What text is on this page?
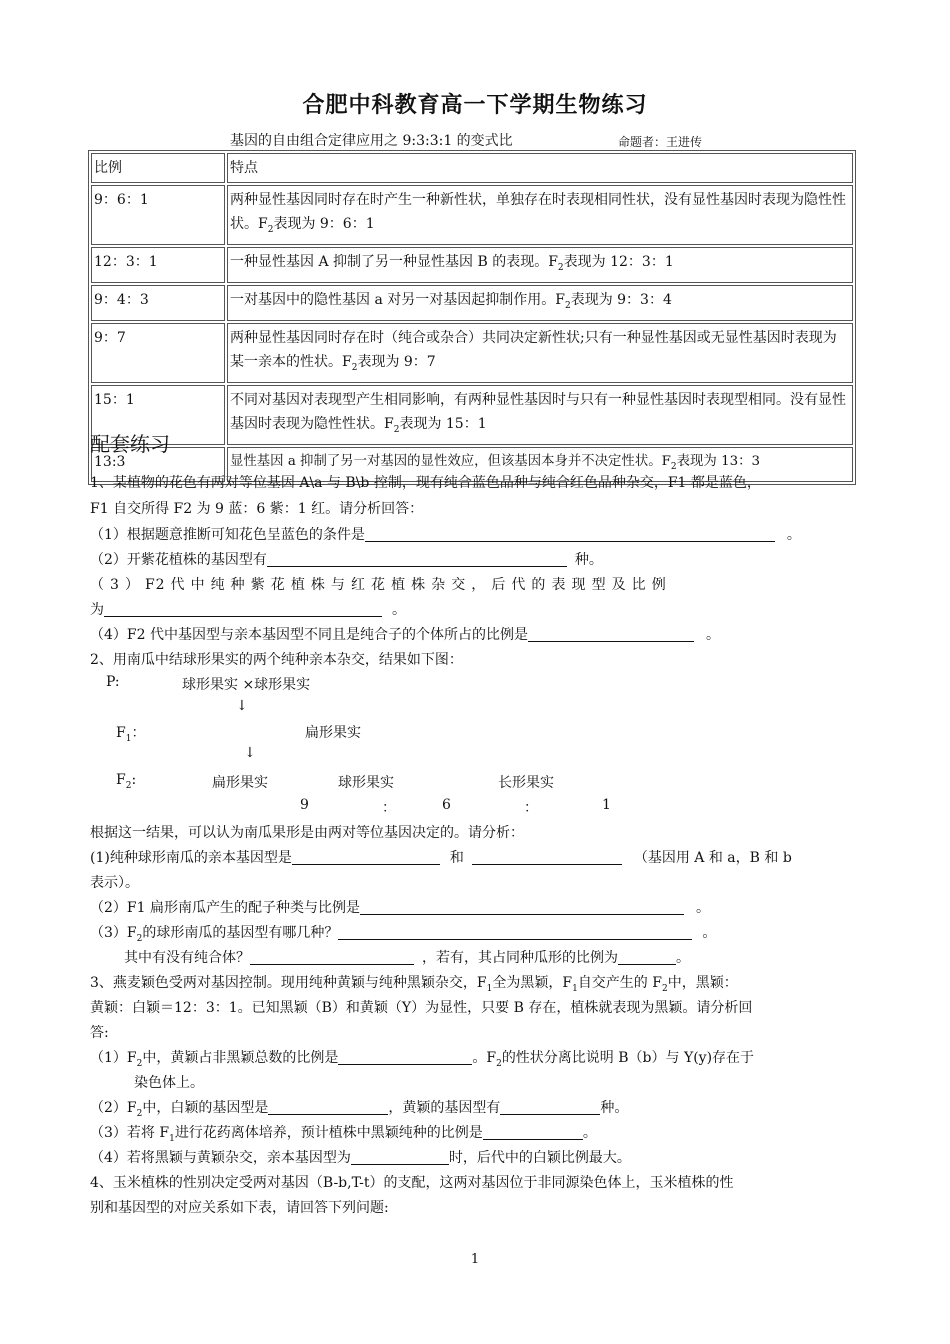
合肥中科教育高一下学期生物练习
基因的自由组合定律应用之 9:3:3:1 的变式比	命题者：王进传
比例	特点
9：6：1	两种显性基因同时存在时产生一种新性状，单独存在时表现相同性状，没有显性基因时表现为隐性性状。$F_2$表现为 9：6：1
12：3：1	一种显性基因 A 抑制了另一种显性基因 B 的表现。$F_2$表现为 12：3：1
9：4：3	一对基因中的隐性基因 a 对另一对基因起抑制作用。$F_2$表现为 9：3：4
9：7	两种显性基因同时存在时（纯合或杂合）共同决定新性状;只有一种显性基因或无显性基因时表现为某一亲本的性状。$F_2$表现为 9：7
15：1	不同对基因对表现型产生相同影响，有两种显性基因时与只有一种显性基因时表现型相同。没有显性基因时表现为隐性性状。$F_2$表现为 15：1
13:3	显性基因 a 抑制了另一对基因的显性效应，但该基因本身并不决定性状。$F_2$表现为 13：3
配套练习
1、某植物的花色有两对等位基因 A\a 与 B\b 控制，现有纯合蓝色品种与纯合红色品种杂交，F1 都是蓝色，
F1 自交所得 F2 为 9 蓝：6 紫：1 红。请分析回答：
（1）根据题意推断可知花色呈蓝色的条件是	。
（2）开紫花植株的基因型有	种。
（ 3 ） F2 代 中 纯 种 紫 花 植 株 与 红 花 植 株 杂 交 ， 后 代 的 表 现 型 及 比 例
为	。
（4）F2 代中基因型与亲本基因型不同且是纯合子的个体所占的比例是	。
2、用南瓜中结球形果实的两个纯种亲本杂交，结果如下图：
P:	球形果实 ×球形果实
↓
$F_1$：	扁形果实
↓
$F_2$:	扁形果实	球形果实	长形果实
9	：	6	：	1
根据这一结果，可以认为南瓜果形是由两对等位基因决定的。请分析：
(1)纯种球形南瓜的亲本基因型是	和	（基因用 A 和 a，B 和 b
表示）。
（2）F1 扁形南瓜产生的配子种类与比例是	。
$(3)F_2$的球形南瓜的基因型有哪几种？	。
其中有没有纯合体？	，若有，其占同种瓜形的比例为	。
3、燕麦颖色受两对基因控制。现用纯种黄颖与纯种黑颖杂交，$F_1$全为黑颖，$F_1$自交产生的 $F_2$中，黑颖：
黄颖：白颖＝12：3：1。已知黑颖（B）和黄颖（Y）为显性，只要 B 存在，植株就表现为黑颖。请分析回
答:
$(1)F_2$中，黄颖占非黑颖总数的比例是	。$F_2$的性状分离比说明 B（b）与 Y(y)存在于
染色体上。
$(2)F_2$中，白颖的基因型是	，黄颖的基因型有	种。
（3）若将 $F_1$进行花药离体培养，预计植株中黑颖纯种的比例是	。
（4）若将黑颖与黄颖杂交，亲本基因型为	时，后代中的白颖比例最大。
4、玉米植株的性别决定受两对基因（B-b,T-t）的支配，这两对基因位于非同源染色体上，玉米植株的性
别和基因型的对应关系如下表，请回答下列问题:
1
